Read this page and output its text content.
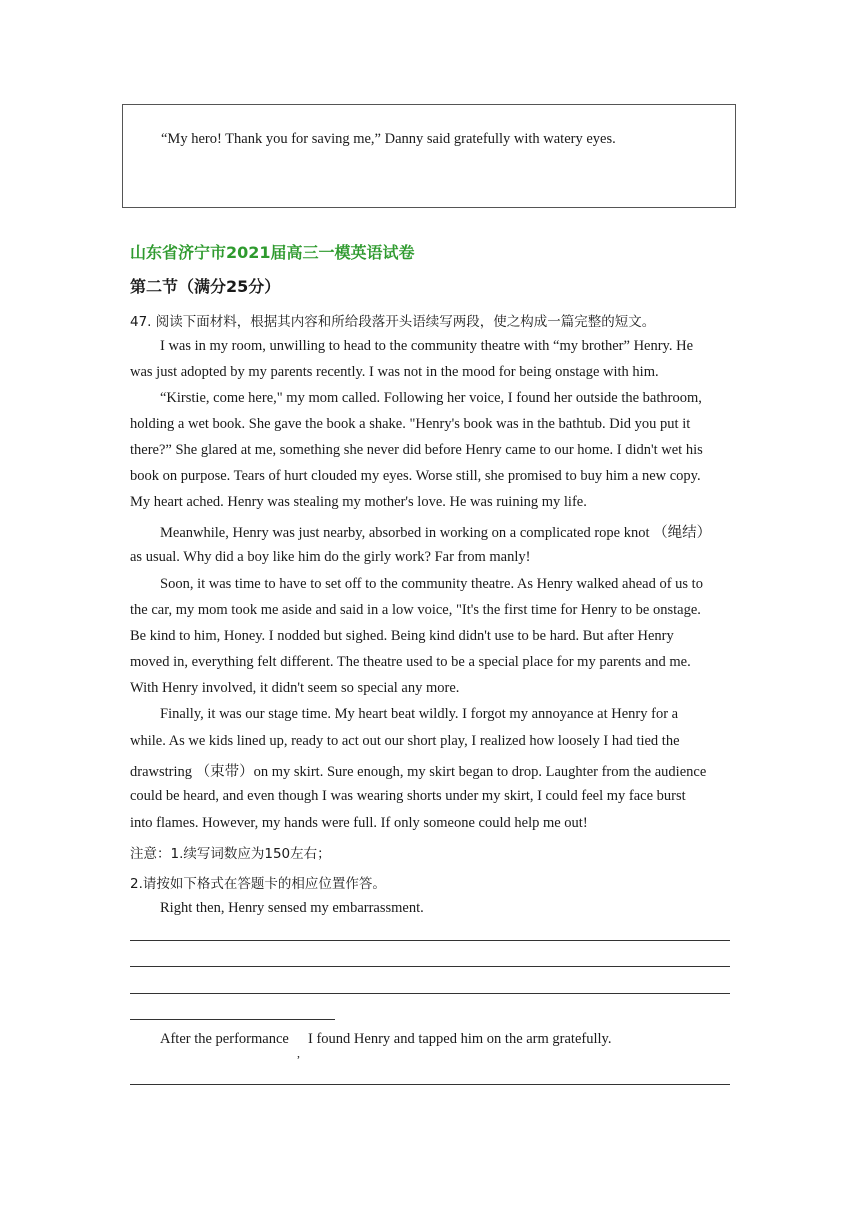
“My hero! Thank you for saving me,” Danny said gratefully with watery eyes.
山东省济宁市2021届高三一模英语试卷
第二节（满分25分）
47. 阅读下面材料，根据其内容和所给段落开头语续写两段，使之构成一篇完整的短文。
I was in my room, unwilling to head to the community theatre with “my brother” Henry. He
was just adopted by my parents recently. I was not in the mood for being onstage with him.
“Kirstie, come here," my mom called. Following her voice, I found her outside the bathroom,
holding a wet book. She gave the book a shake. "Henry's book was in the bathtub. Did you put it
there?” She glared at me, something she never did before Henry came to our home. I didn't wet his
book on purpose. Tears of hurt clouded my eyes. Worse still, she promised to buy him a new copy.
My heart ached. Henry was stealing my mother's love. He was ruining my life.
Meanwhile, Henry was just nearby, absorbed in working on a complicated rope knot （绳结）
as usual. Why did a boy like him do the girly work? Far from manly!
Soon, it was time to have to set off to the community theatre. As Henry walked ahead of us to
the car, my mom took me aside and said in a low voice, "It's the first time for Henry to be onstage.
Be kind to him, Honey. I nodded but sighed. Being kind didn't use to be hard. But after Henry
moved in, everything felt different. The theatre used to be a special place for my parents and me.
With Henry involved, it didn't seem so special any more.
Finally, it was our stage time. My heart beat wildly. I forgot my annoyance at Henry for a
while. As we kids lined up, ready to act out our short play, I realized how loosely I had tied the
drawstring （束带）on my skirt. Sure enough, my skirt began to drop. Laughter from the audience
could be heard, and even though I was wearing shorts under my skirt, I could feel my face burst
into flames. However, my hands were full. If only someone could help me out!
注意：1.续写词数应为150左右；
2.请按如下格式在答题卡的相应位置作答。
Right then, Henry sensed my embarrassment.
After the performance
,
I found Henry and tapped him on the arm gratefully.
